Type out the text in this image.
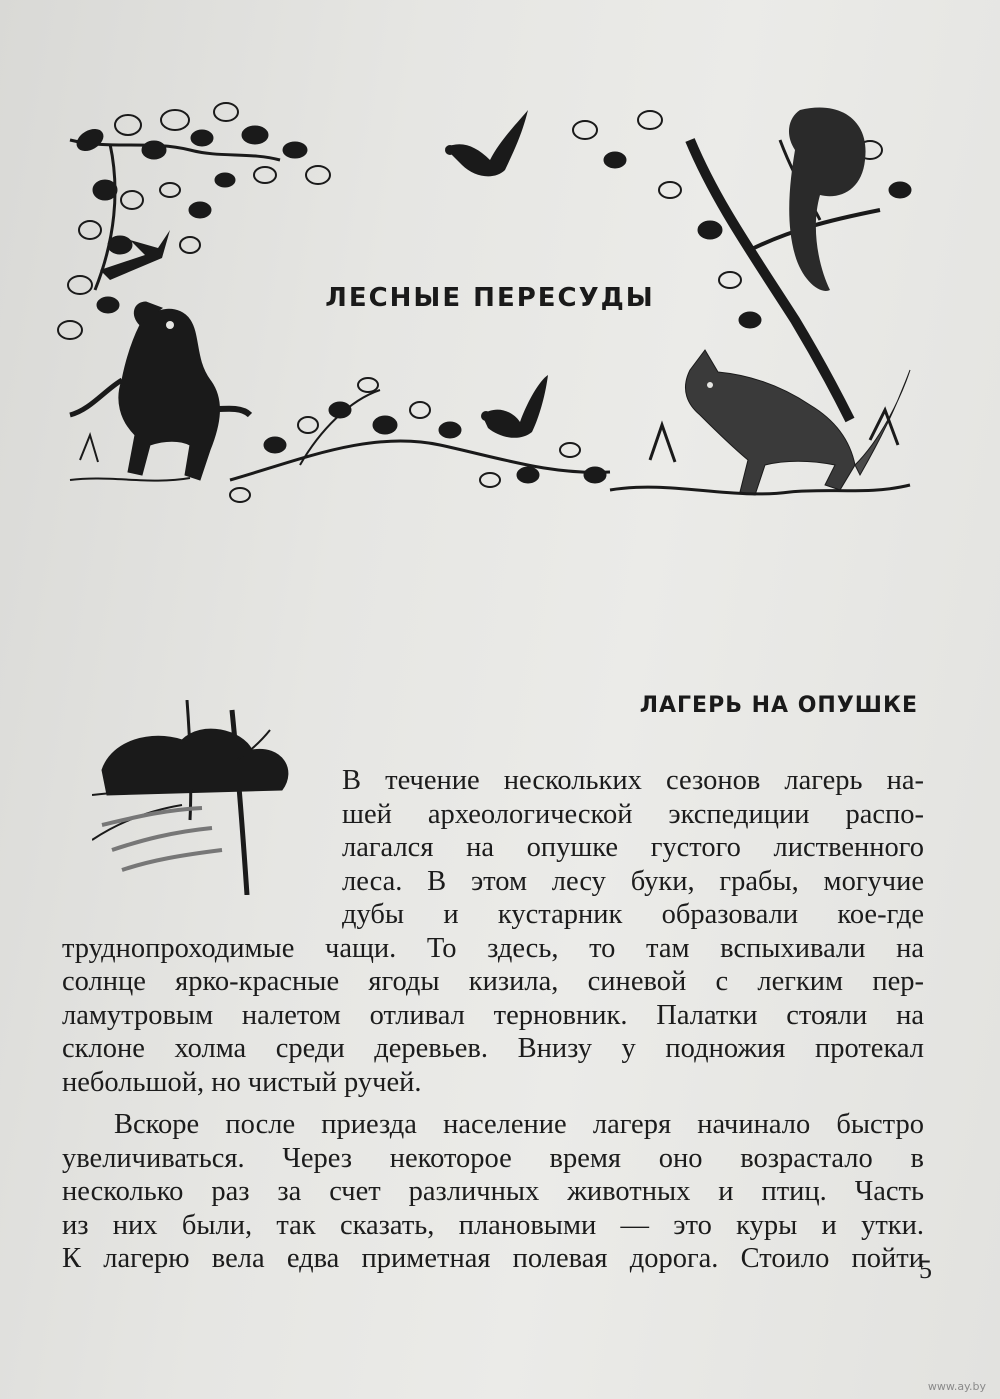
ЛЕСНЫЕ ПЕРЕСУДЫ
ЛАГЕРЬ НА ОПУШКЕ
В течение нескольких сезонов лагерь на-
шей археологической экспедиции распо-
лагался на опушке густого лиственного
леса. В этом лесу буки, грабы, могучие
дубы и кустарник образовали кое-где
труднопроходимые чащи. То здесь, то там вспыхивали на
солнце ярко-красные ягоды кизила, синевой с легким пер-
ламутровым налетом отливал терновник. Палатки стояли на
склоне холма среди деревьев. Внизу у подножия протекал
небольшой, но чистый ручей.
Вскоре после приезда население лагеря начинало быстро
увеличиваться. Через некоторое время оно возрастало в
несколько раз за счет различных животных и птиц. Часть
из них были, так сказать, плановыми — это куры и утки.
К лагерю вела едва приметная полевая дорога. Стоило пойти
5
www.ay.by
